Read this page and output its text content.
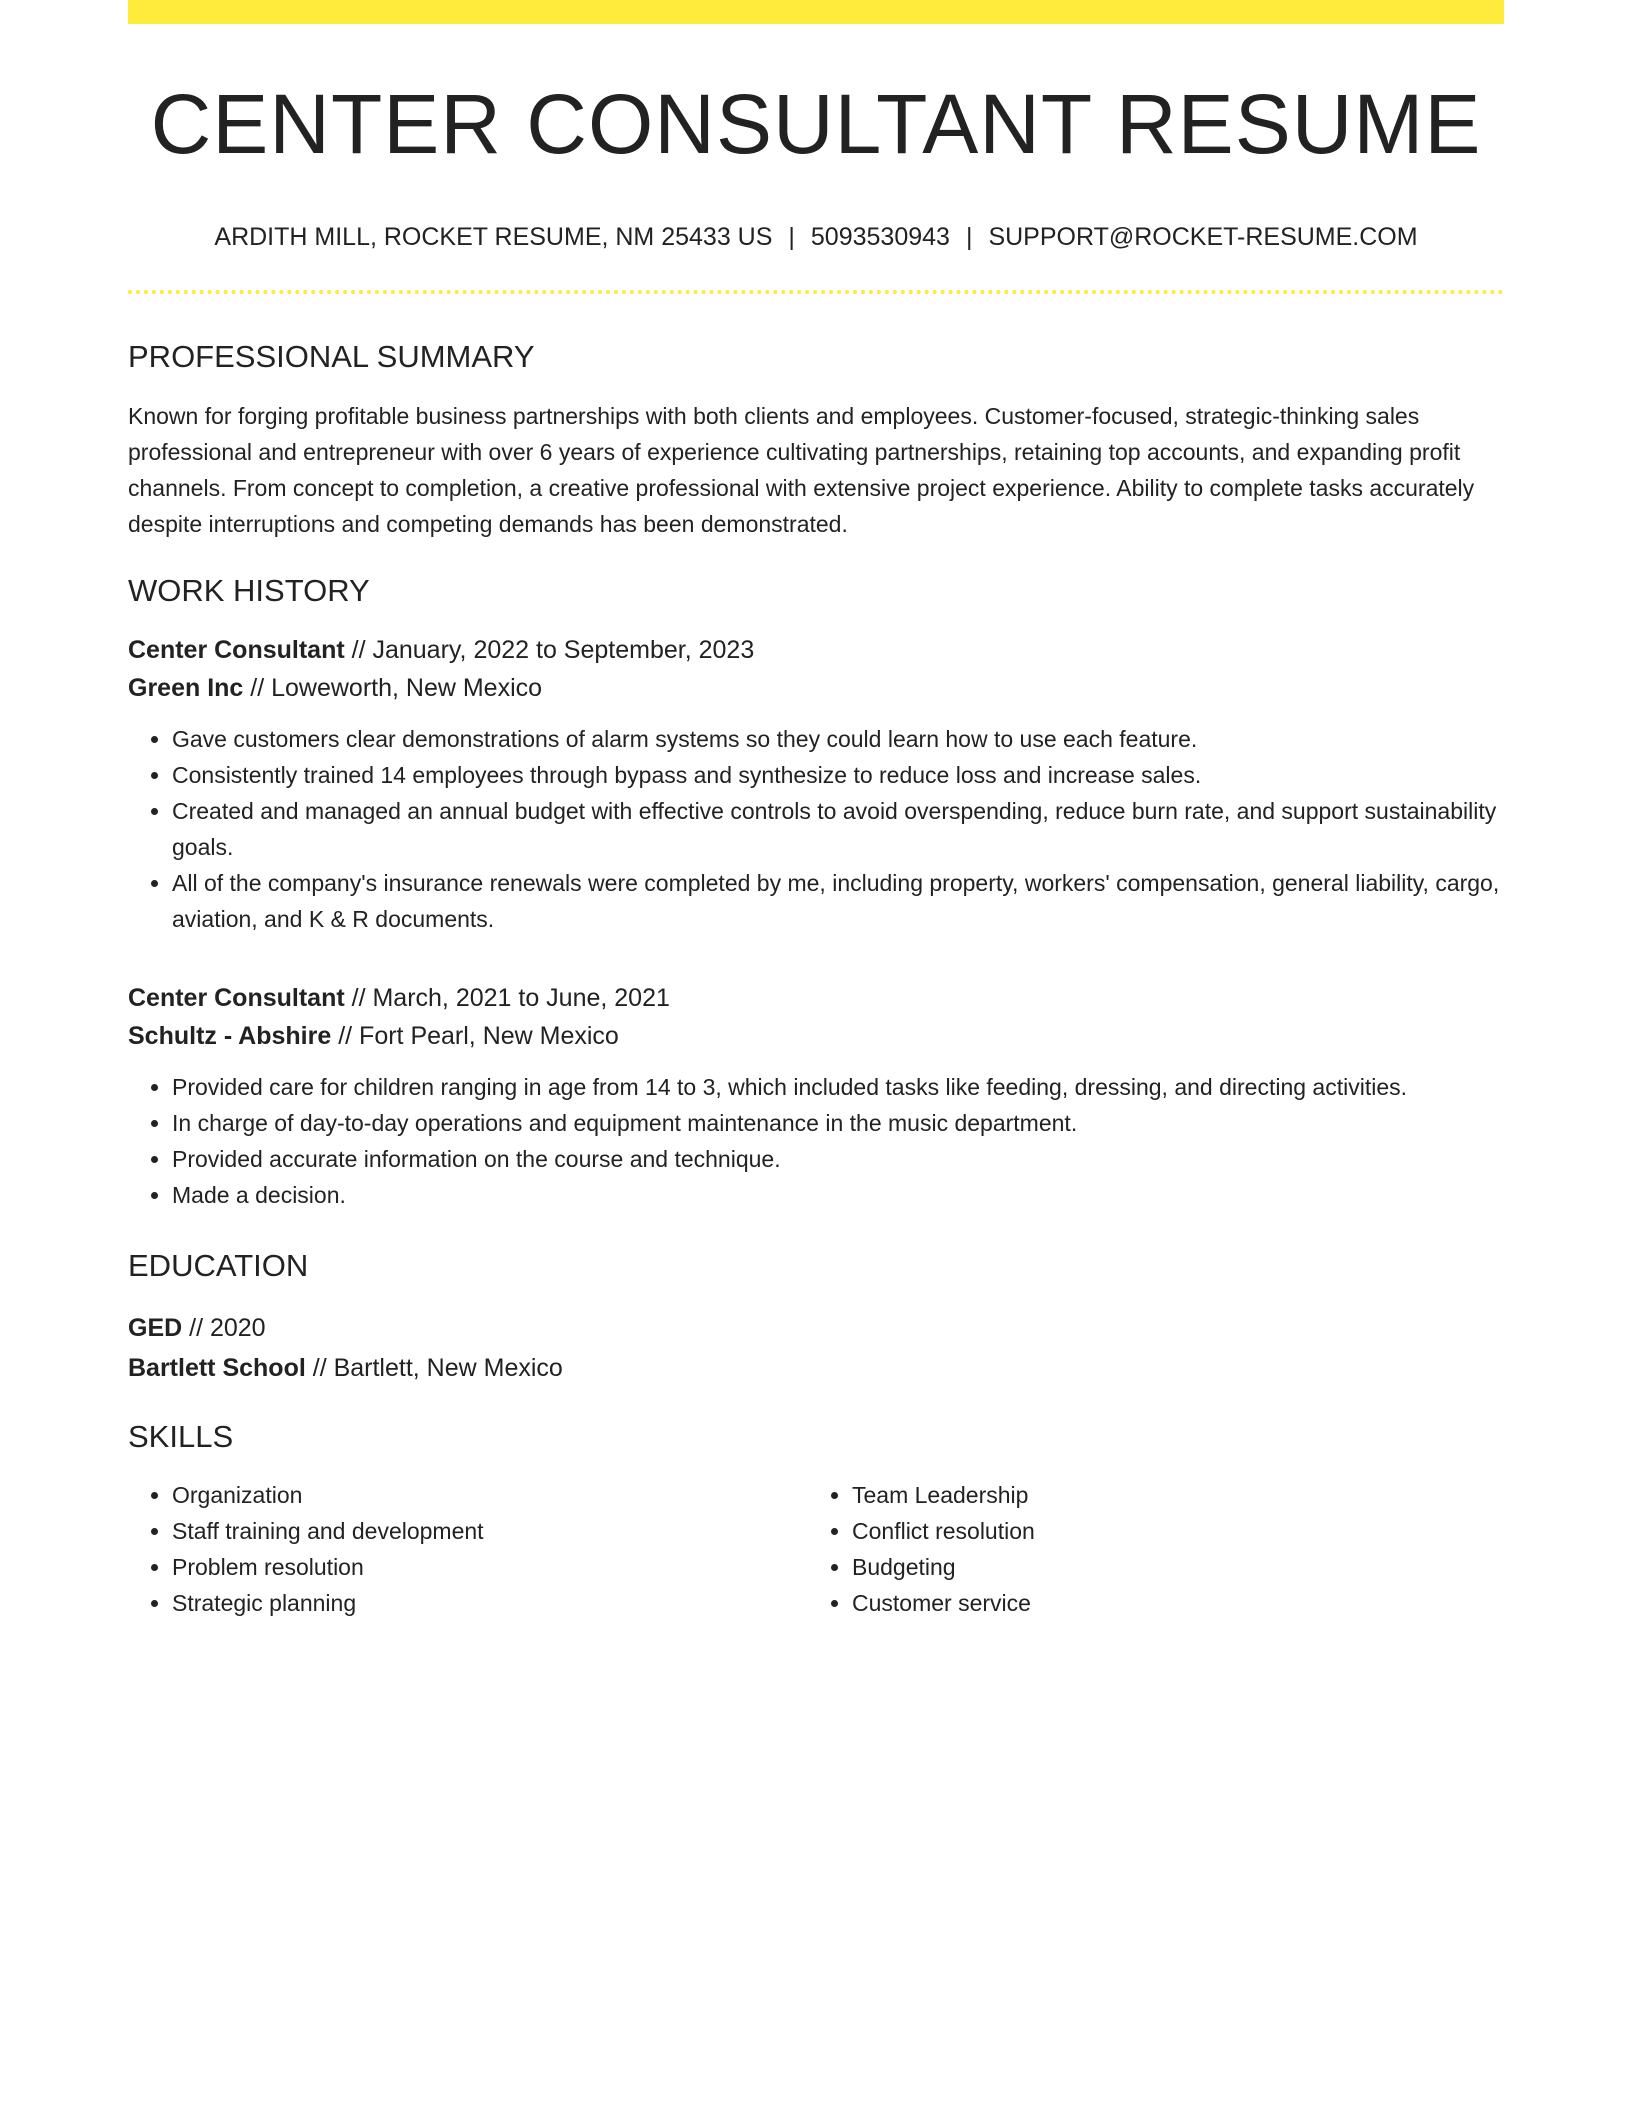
CENTER CONSULTANT RESUME
ARDITH MILL, ROCKET RESUME, NM 25433 US | 5093530943 | SUPPORT@ROCKET-RESUME.COM
PROFESSIONAL SUMMARY
Known for forging profitable business partnerships with both clients and employees. Customer-focused, strategic-thinking sales professional and entrepreneur with over 6 years of experience cultivating partnerships, retaining top accounts, and expanding profit channels. From concept to completion, a creative professional with extensive project experience. Ability to complete tasks accurately despite interruptions and competing demands has been demonstrated.
WORK HISTORY
Center Consultant // January, 2022 to September, 2023
Green Inc // Loweworth, New Mexico
• Gave customers clear demonstrations of alarm systems so they could learn how to use each feature.
• Consistently trained 14 employees through bypass and synthesize to reduce loss and increase sales.
• Created and managed an annual budget with effective controls to avoid overspending, reduce burn rate, and support sustainability goals.
• All of the company's insurance renewals were completed by me, including property, workers' compensation, general liability, cargo, aviation, and K & R documents.
Center Consultant // March, 2021 to June, 2021
Schultz - Abshire // Fort Pearl, New Mexico
• Provided care for children ranging in age from 14 to 3, which included tasks like feeding, dressing, and directing activities.
• In charge of day-to-day operations and equipment maintenance in the music department.
• Provided accurate information on the course and technique.
• Made a decision.
EDUCATION
GED // 2020
Bartlett School // Bartlett, New Mexico
SKILLS
• Organization
• Staff training and development
• Problem resolution
• Strategic planning
• Team Leadership
• Conflict resolution
• Budgeting
• Customer service
